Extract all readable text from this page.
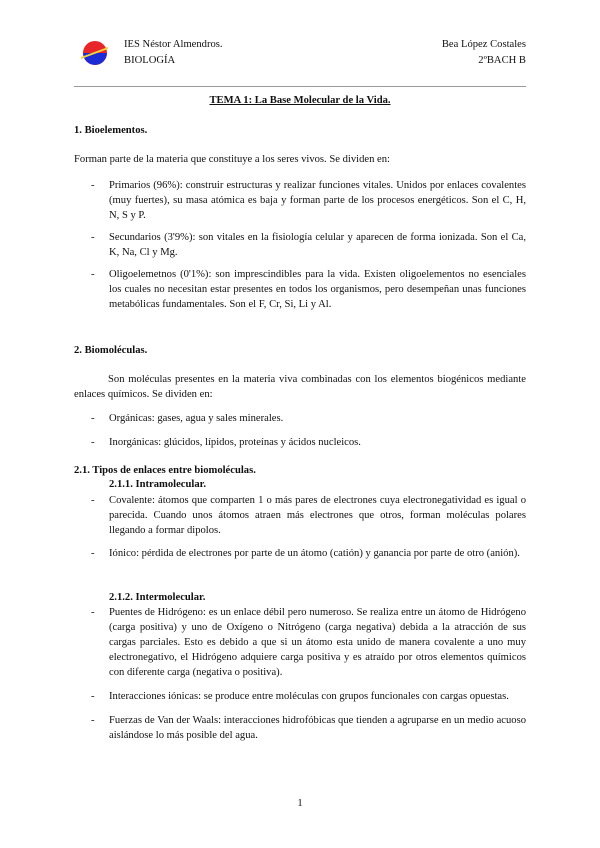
IES Néstor Almendros.
BIOLOGÍA
Bea López Costales
2ºBACH B
TEMA 1: La Base Molecular de la Vida.
1. Bioelementos.
Forman parte de la materia que constituye a los seres vivos. Se dividen en:
- Primarios (96%): construir estructuras y realizar funciones vitales. Unidos por enlaces covalentes (muy fuertes), su masa atómica es baja y forman parte de los procesos energéticos. Son el C, H, N, S y P.
- Secundarios (3'9%): son vitales en la fisiología celular y aparecen de forma ionizada. Son el Ca, K, Na, Cl y Mg.
- Oligoelemetnos (0'1%): son imprescindibles para la vida. Existen oligoelementos no esenciales los cuales no necesitan estar presentes en todos los organismos, pero desempeñan unas funciones metabólicas fundamentales. Son el F, Cr, Si, Li y Al.
2. Biomoléculas.
Son moléculas presentes en la materia viva combinadas con los elementos biogénicos mediante enlaces químicos. Se dividen en:
- Orgánicas: gases, agua y sales minerales.
- Inorgánicas: glúcidos, lípidos, proteínas y ácidos nucleicos.
2.1. Tipos de enlaces entre biomoléculas.
2.1.1. Intramolecular.
- Covalente: átomos que comparten 1 o más pares de electrones cuya electronegatividad es igual o parecida. Cuando unos átomos atraen más electrones que otros, forman moléculas polares llegando a formar dipolos.
- Iónico: pérdida de electrones por parte de un átomo (catión) y ganancia por parte de otro (anión).
2.1.2. Intermolecular.
- Puentes de Hidrógeno: es un enlace débil pero numeroso. Se realiza entre un átomo de Hidrógeno (carga positiva) y uno de Oxígeno o Nitrógeno (carga negativa) debida a la atracción de sus cargas parciales. Esto es debido a que si un átomo esta unido de manera covalente a uno muy electronegativo, el Hidrógeno adquiere carga positiva y es atraído por otros elementos químicos con diferente carga (negativa o positiva).
- Interacciones iónicas: se produce entre moléculas con grupos funcionales con cargas opuestas.
- Fuerzas de Van der Waals: interacciones hidrofóbicas que tienden a agruparse en un medio acuoso aislándose lo más posible del agua.
1
